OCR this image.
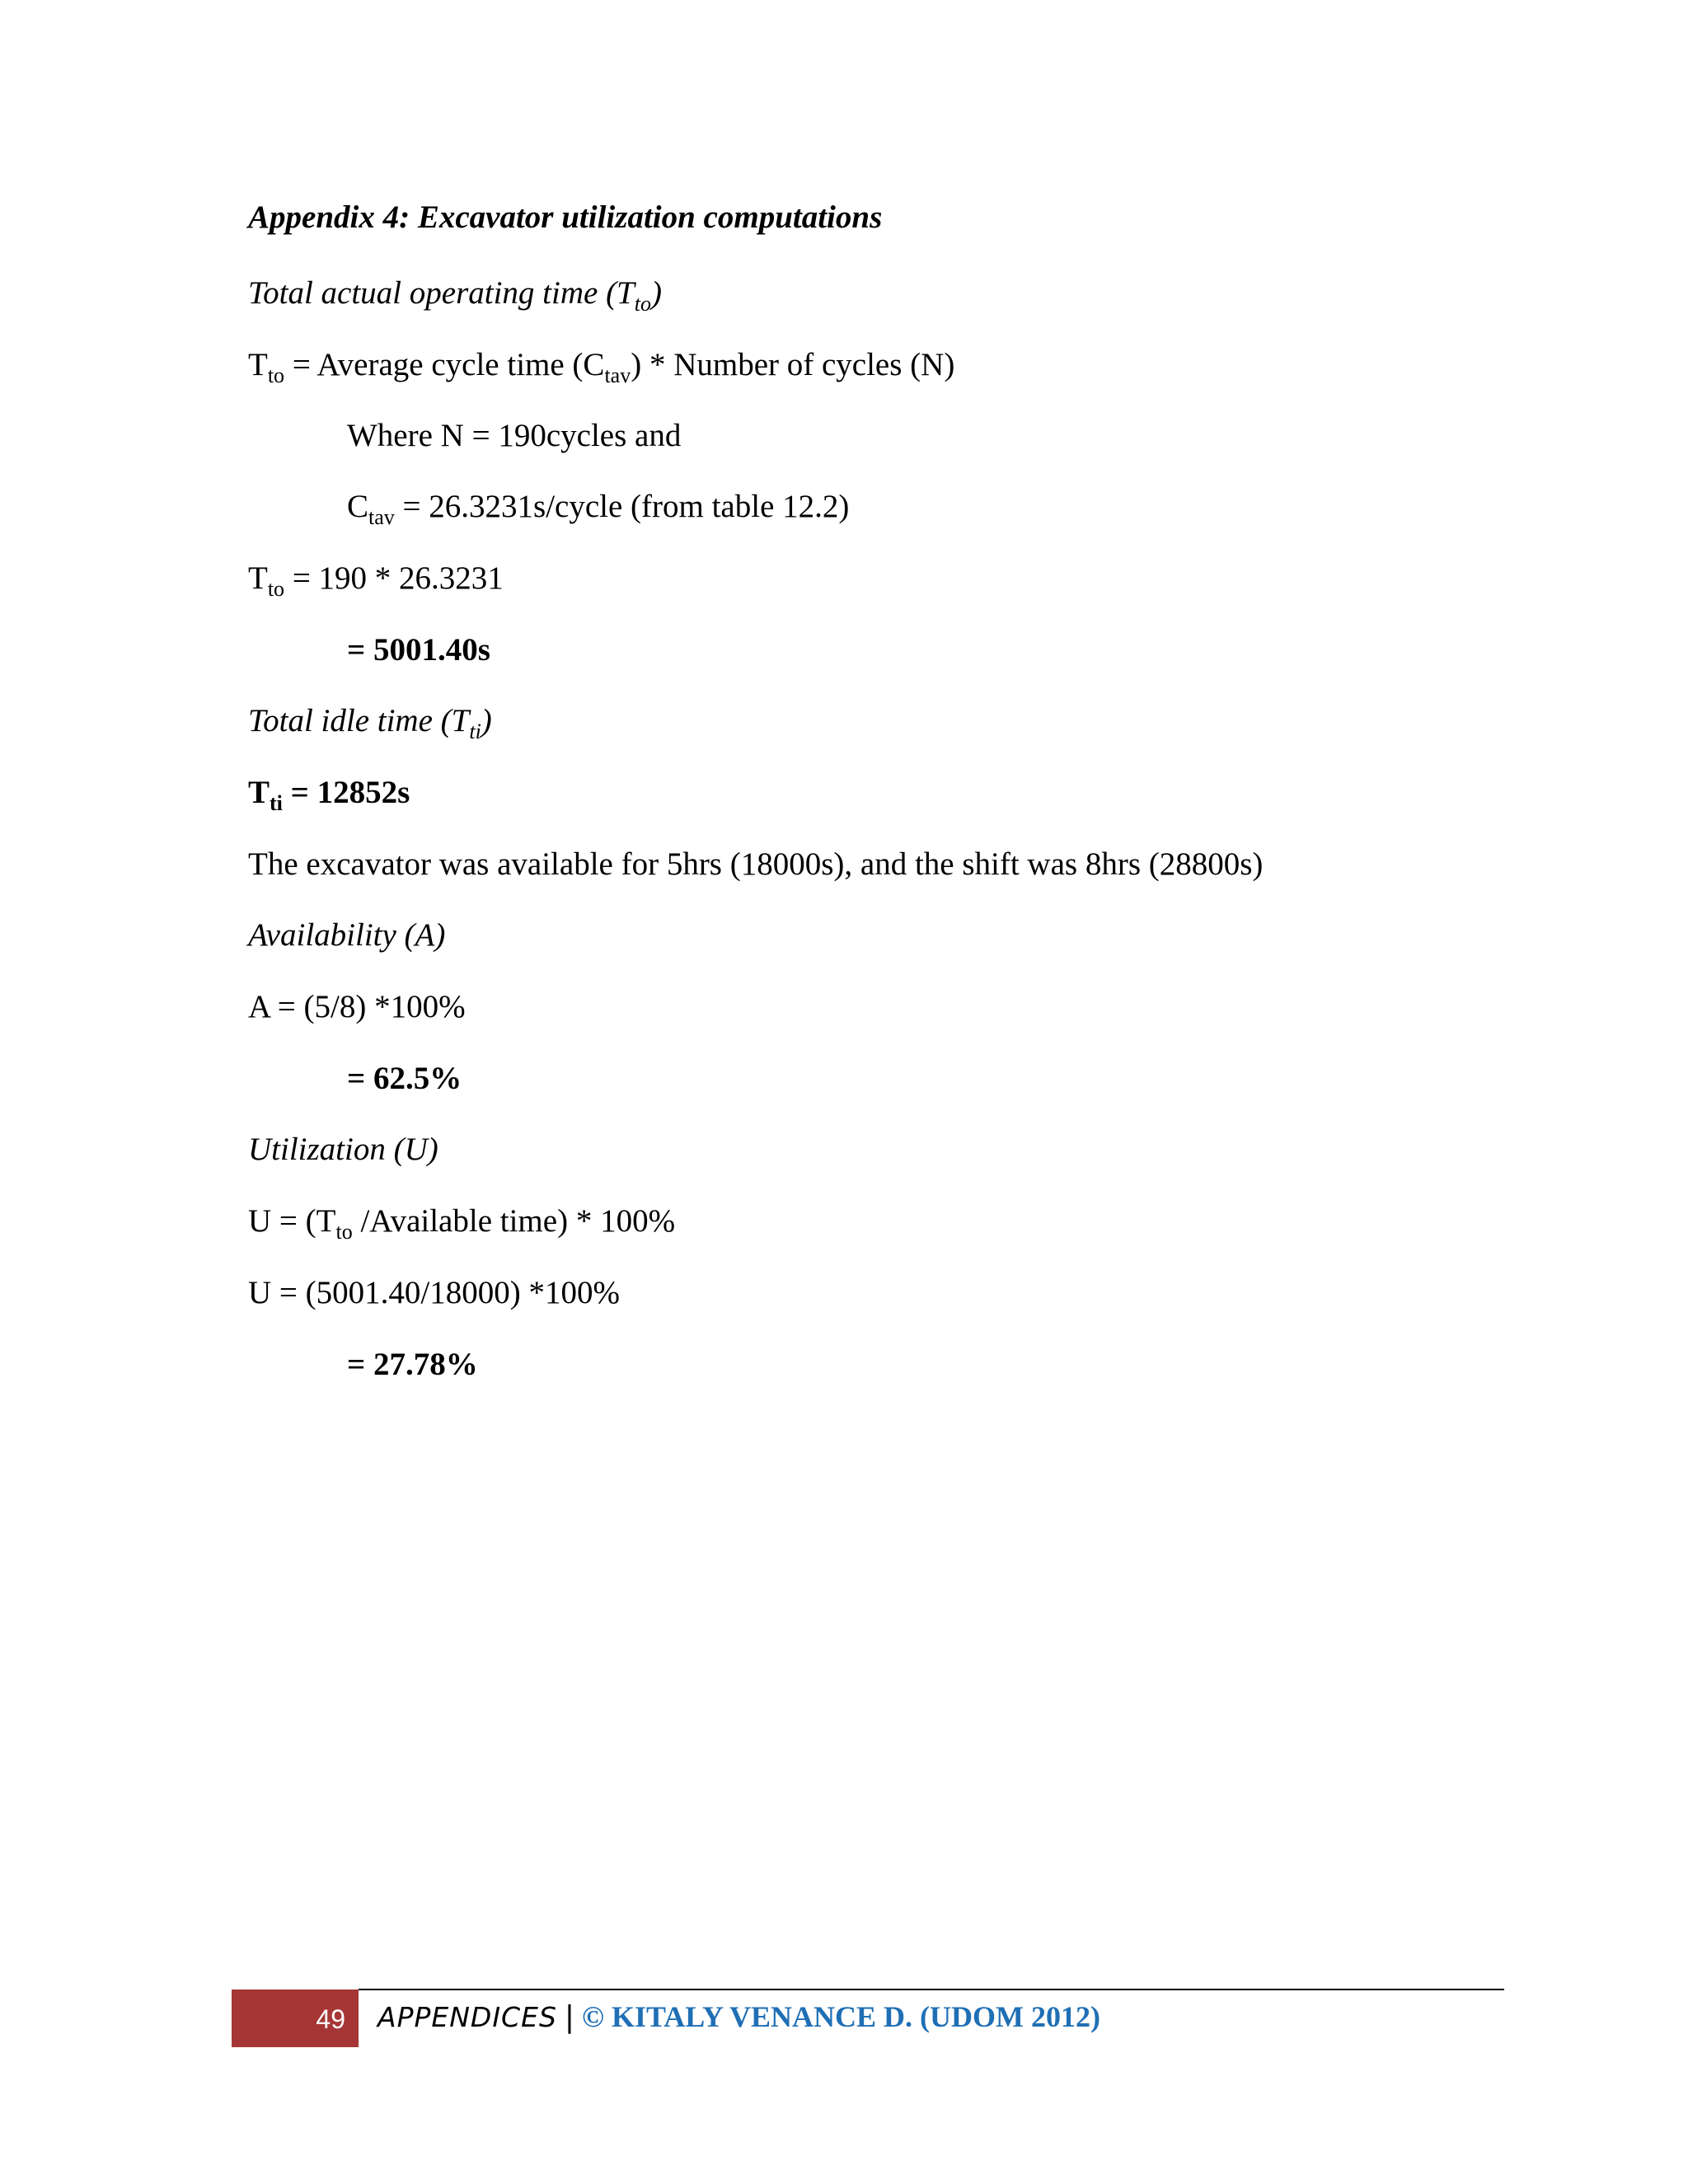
Appendix 4: Excavator utilization computations
Total actual operating time $(T_{to})$
$T_{to}$ = Average cycle time $(C_{tav})$ * Number of cycles (N)
Where N = 190cycles and
$C_{tav}$ = 26.3231s/cycle (from table 12.2)
$T_{to} = 190 * 26.3231$
= 5001.40s
Total idle time $(T_{ti})$
$T_{ti} = 12852s$
The excavator was available for 5hrs (18000s), and the shift was 8hrs (28800s)
Availability (A)
A = (5/8) *100%
= 62.5%
Utilization (U)
$U = (T_{to}$ /Available time) * 100%
U = (5001.40/18000) *100%
= 27.78%
49 APPENDICES | © KITALY VENANCE D. (UDOM 2012)
